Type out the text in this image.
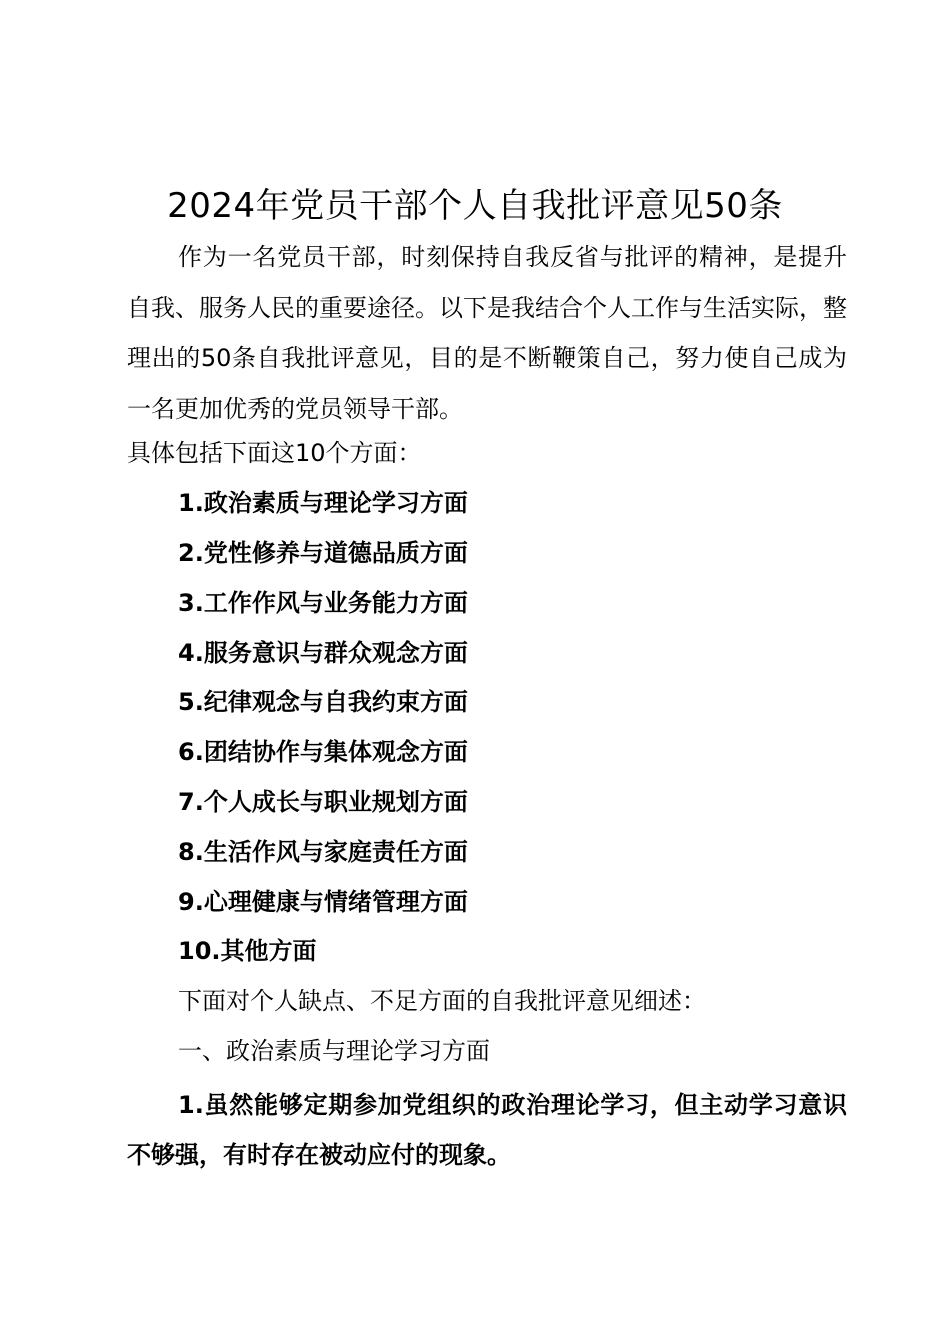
2024年党员干部个人自我批评意见50条

作为一名党员干部，时刻保持自我反省与批评的精神，是提升自我、服务人民的重要途径。以下是我结合个人工作与生活实际，整理出的50条自我批评意见，目的是不断鞭策自己，努力使自己成为一名更加优秀的党员领导干部。

具体包括下面这10个方面：

1.政治素质与理论学习方面

2.党性修养与道德品质方面

3.工作作风与业务能力方面

4.服务意识与群众观念方面

5.纪律观念与自我约束方面

6.团结协作与集体观念方面

7.个人成长与职业规划方面

8.生活作风与家庭责任方面

9.心理健康与情绪管理方面

10.其他方面

下面对个人缺点、不足方面的自我批评意见细述：

一、政治素质与理论学习方面

1.虽然能够定期参加党组织的政治理论学习，但主动学习意识不够强，有时存在被动应付的现象。
